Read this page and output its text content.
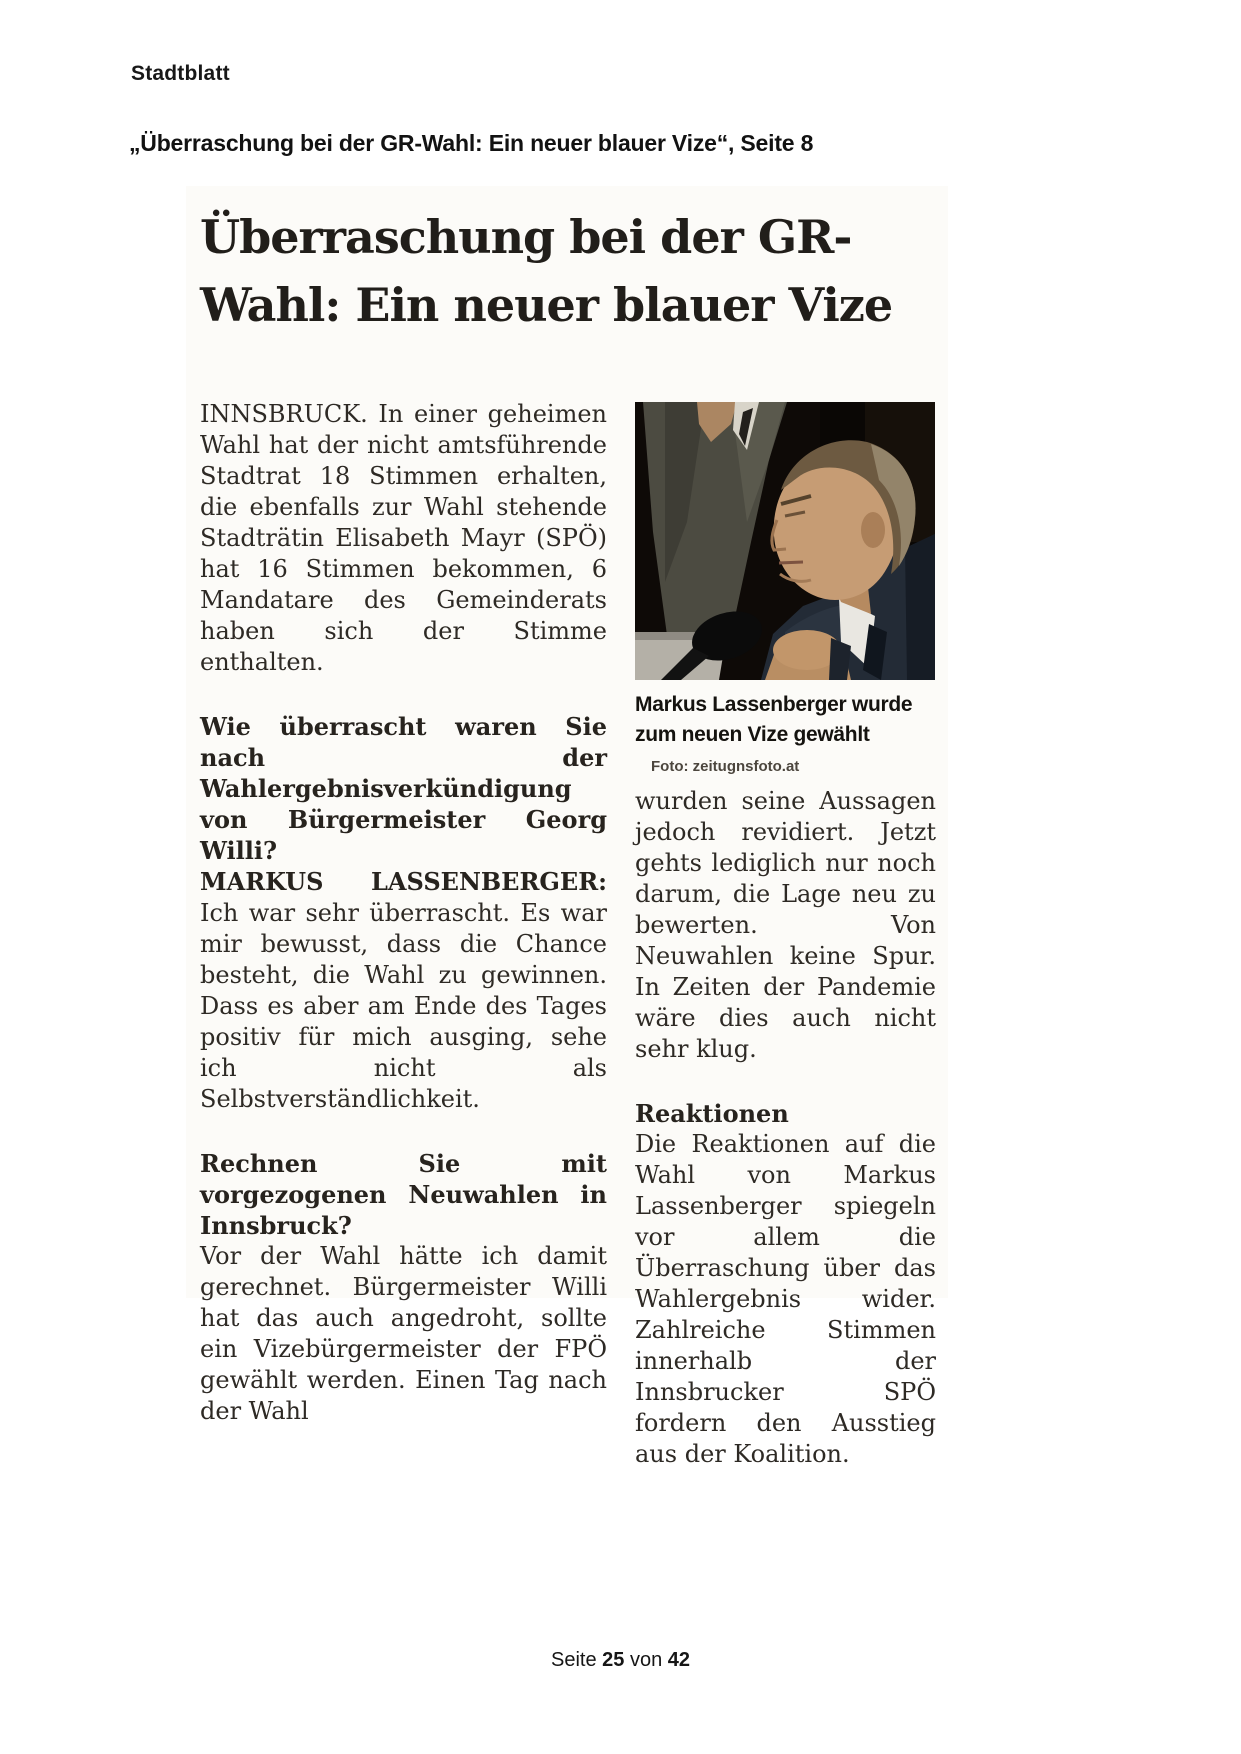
Stadtblatt
„Überraschung bei der GR-Wahl: Ein neuer blauer Vize“, Seite 8
Überraschung bei der GR-
Wahl: Ein neuer blauer Vize

INNSBRUCK. In einer geheimen Wahl hat der nicht amtsführende Stadtrat 18 Stimmen erhalten, die ebenfalls zur Wahl stehende Stadträtin Elisabeth Mayr (SPÖ) hat 16 Stimmen bekommen, 6 Mandatare des Gemeinderats haben sich der Stimme enthalten.

Wie überrascht waren Sie nach der Wahlergebnisverkündigung von Bürgermeister Georg Willi?

MARKUS LASSENBERGER: Ich war sehr überrascht. Es war mir bewusst, dass die Chance besteht, die Wahl zu gewinnen. Dass es aber am Ende des Tages positiv für mich ausging, sehe ich nicht als Selbstverständlichkeit.

Rechnen Sie mit vorgezogenen Neuwahlen in Innsbruck?

Vor der Wahl hätte ich damit gerechnet. Bürgermeister Willi hat das auch angedroht, sollte ein Vizebürgermeister der FPÖ gewählt werden. Einen Tag nach der Wahl

Markus Lassenberger wurde zum neuen Vize gewählt Foto: zeitugnsfoto.at

wurden seine Aussagen jedoch revidiert. Jetzt gehts lediglich nur noch darum, die Lage neu zu bewerten. Von Neuwahlen keine Spur. In Zeiten der Pandemie wäre dies auch nicht sehr klug.

Reaktionen

Die Reaktionen auf die Wahl von Markus Lassenberger spiegeln vor allem die Überraschung über das Wahlergebnis wider. Zahlreiche Stimmen innerhalb der Innsbrucker SPÖ fordern den Ausstieg aus der Koalition.

Seite 25 von 42
